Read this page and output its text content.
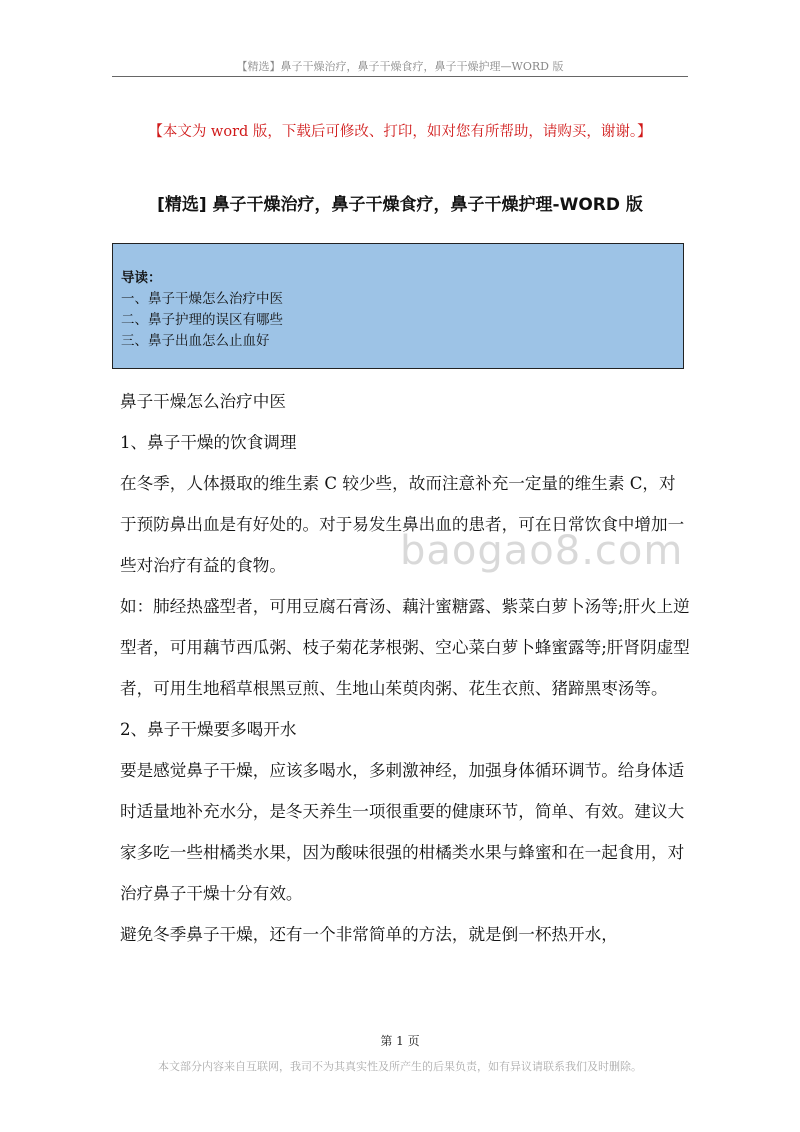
【精选】鼻子干燥治疗，鼻子干燥食疗，鼻子干燥护理—WORD 版
【本文为 word 版，下载后可修改、打印，如对您有所帮助，请购买，谢谢。】
[精选] 鼻子干燥治疗，鼻子干燥食疗，鼻子干燥护理-WORD 版
导读：
一、鼻子干燥怎么治疗中医
二、鼻子护理的误区有哪些
三、鼻子出血怎么止血好

鼻子干燥怎么治疗中医

1、鼻子干燥的饮食调理

在冬季，人体摄取的维生素 C 较少些，故而注意补充一定量的维生素 C，对于预防鼻出血是有好处的。对于易发生鼻出血的患者，可在日常饮食中增加一些对治疗有益的食物。

如：肺经热盛型者，可用豆腐石膏汤、藕汁蜜糖露、紫菜白萝卜汤等;肝火上逆型者，可用藕节西瓜粥、枝子菊花茅根粥、空心菜白萝卜蜂蜜露等;肝肾阴虚型者，可用生地稻草根黑豆煎、生地山茱萸肉粥、花生衣煎、猪蹄黑枣汤等。

2、鼻子干燥要多喝开水

要是感觉鼻子干燥，应该多喝水，多刺激神经，加强身体循环调节。给身体适时适量地补充水分，是冬天养生一项很重要的健康环节，简单、有效。建议大家多吃一些柑橘类水果，因为酸味很强的柑橘类水果与蜂蜜和在一起食用，对治疗鼻子干燥十分有效。

避免冬季鼻子干燥，还有一个非常简单的方法，就是倒一杯热开水，

baogao8.com
第 1 页
本文部分内容来自互联网，我司不为其真实性及所产生的后果负责，如有异议请联系我们及时删除。
